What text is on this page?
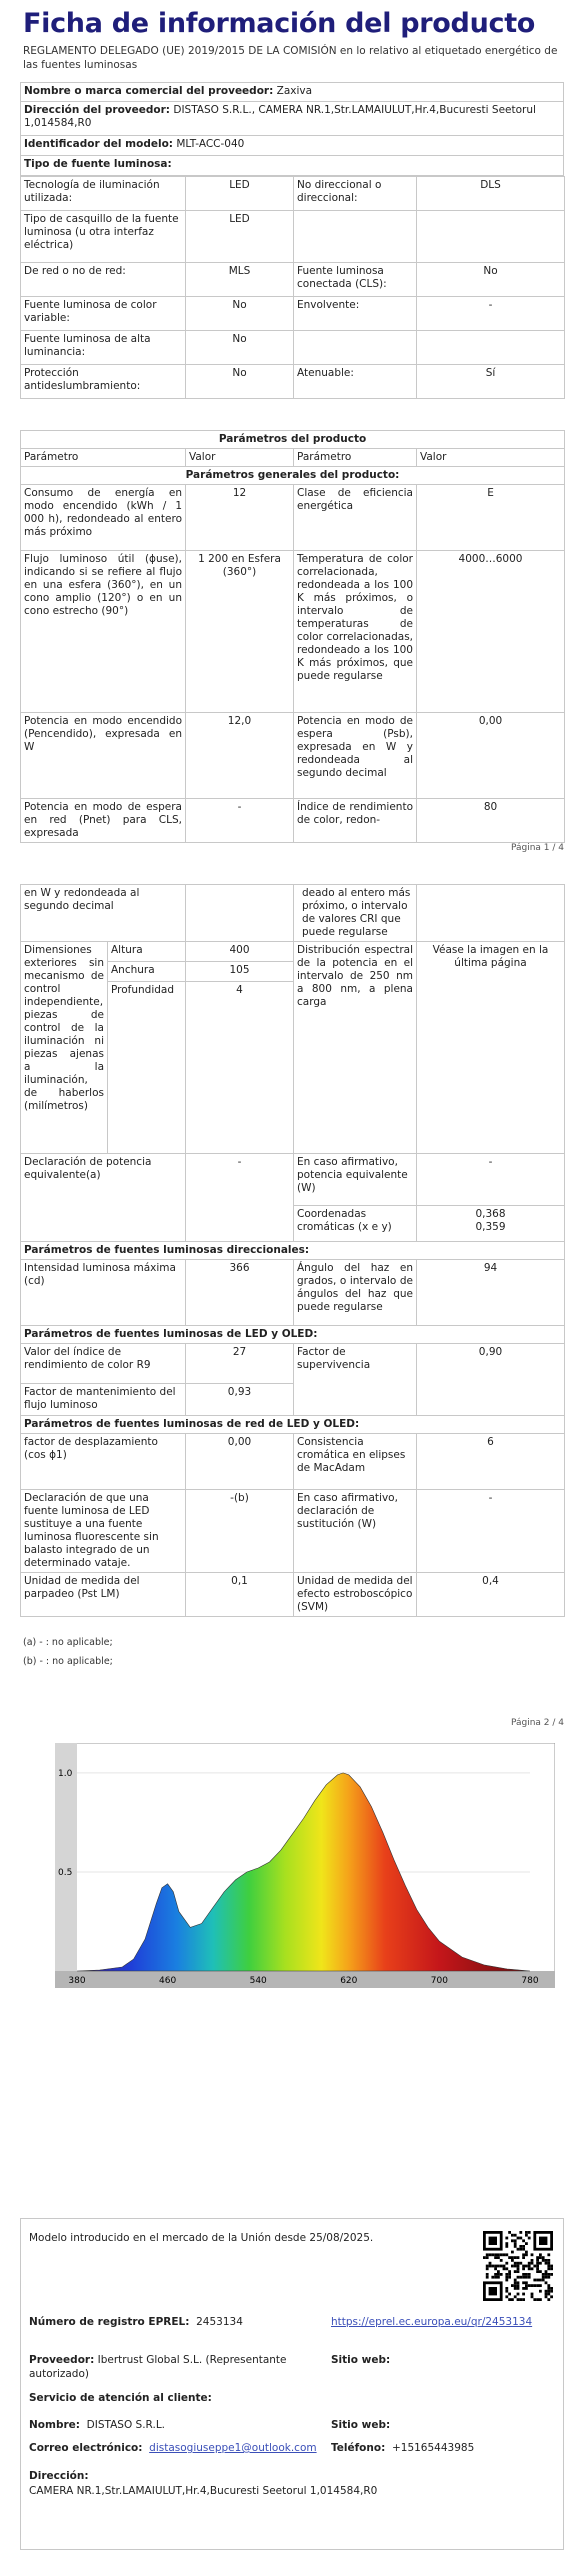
Ficha de información del producto
REGLAMENTO DELEGADO (UE) 2019/2015 DE LA COMISIÓN en lo relativo al etiquetado energético de las fuentes luminosas
Nombre o marca comercial del proveedor: Zaxiva
Dirección del proveedor: DISTASO S.R.L., CAMERA NR.1,Str.LAMAIULUT,Hr.4,Bucuresti Seetorul 1,014584,R0
Identificador del modelo: MLT-ACC-040
Tipo de fuente luminosa:
Tecnología de iluminación utilizada:	LED	No direccional o direccional:	DLS
Tipo de casquillo de la fuente luminosa (u otra interfaz eléctrica)	LED		
De red o no de red:	MLS	Fuente luminosa conectada (CLS):	No
Fuente luminosa de color variable:	No	Envolvente:	-
Fuente luminosa de alta luminancia:	No		
Protección antideslumbramiento:	No	Atenuable:	Sí
Parámetros del producto			
Parámetro	Valor	Parámetro	Valor
Parámetros generales del producto:			
Consumo de energía en modo encendido (kWh / 1 000 h), redondeado al entero más próximo	12	Clase de eficiencia energética	E
Flujo luminoso útil (ϕuse), indicando si se refiere al flujo en una esfera (360°), en un cono amplio (120°) o en un cono estrecho (90°)	1 200 en Esfera (360°)	Temperatura de color correlacionada, redondeada a los 100 K más próximos, o intervalo de temperaturas de color correlacionadas, redondeado a los 100 K más próximos, que puede regularse	4000…6000
Potencia en modo encendido (Pencendido), expresada en W	12,0	Potencia en modo de espera (Psb), expresada en W y redondeada al segundo decimal	0,00
Potencia en modo de espera en red (Pnet) para CLS, expresada	-	Índice de rendimiento de color, redon-	80
Página 1 / 4
en W y redondeada al segundo decimal			deado al entero más próximo, o intervalo de valores CRI que puede regularse	
Dimensiones exteriores sin mecanismo de control independiente, piezas de control de la iluminación ni piezas ajenas a la iluminación, de haberlos (milímetros)	Altura	400	Distribución espectral de la potencia en el intervalo de 250 nm a 800 nm, a plena carga	Véase la imagen en la última página
	Anchura	105		
	Profundidad	4		
Declaración de potencia equivalente(a)		-	En caso afirmativo, potencia equivalente (W)	-
			Coordenadas cromáticas (x e y)	0,368
0,359

Parámetros de fuentes luminosas direccionales:				
Intensidad luminosa máxima (cd)		366	Ángulo del haz en grados, o intervalo de ángulos del haz que puede regularse	94
Parámetros de fuentes luminosas de LED y OLED:				
Valor del índice de rendimiento de color R9		27	Factor de supervivencia	0,90
Factor de mantenimiento del flujo luminoso		0,93		
Parámetros de fuentes luminosas de red de LED y OLED:				
factor de desplazamiento (cos ϕ1)		0,00	Consistencia cromática en elipses de MacAdam	6
Declaración de que una fuente luminosa de LED sustituye a una fuente luminosa fluorescente sin balasto integrado de un determinado vataje.		-(b)	En caso afirmativo, declaración de sustitución (W)	-
Unidad de medida del parpadeo (Pst LM)		0,1	Unidad de medida del efecto estroboscópico (SVM)	0,4
(a) - : no aplicable;
(b) - : no aplicable;
Página 2 / 4
380	460	540	620	700	780
0.5
1.0
Modelo introducido en el mercado de la Unión desde 25/08/2025.
Número de registro EPREL: 2453134	https://eprel.ec.europa.eu/qr/2453134
Proveedor: Ibertrust Global S.L. (Representante autorizado)
Sitio web:
Servicio de atención al cliente:
Nombre: DISTASO S.R.L.	Sitio web:
Correo electrónico: distasogiuseppe1@outlook.com Teléfono: +15165443985
Dirección:
CAMERA NR.1,Str.LAMAIULUT,Hr.4,Bucuresti Seetorul 1,014584,R0
